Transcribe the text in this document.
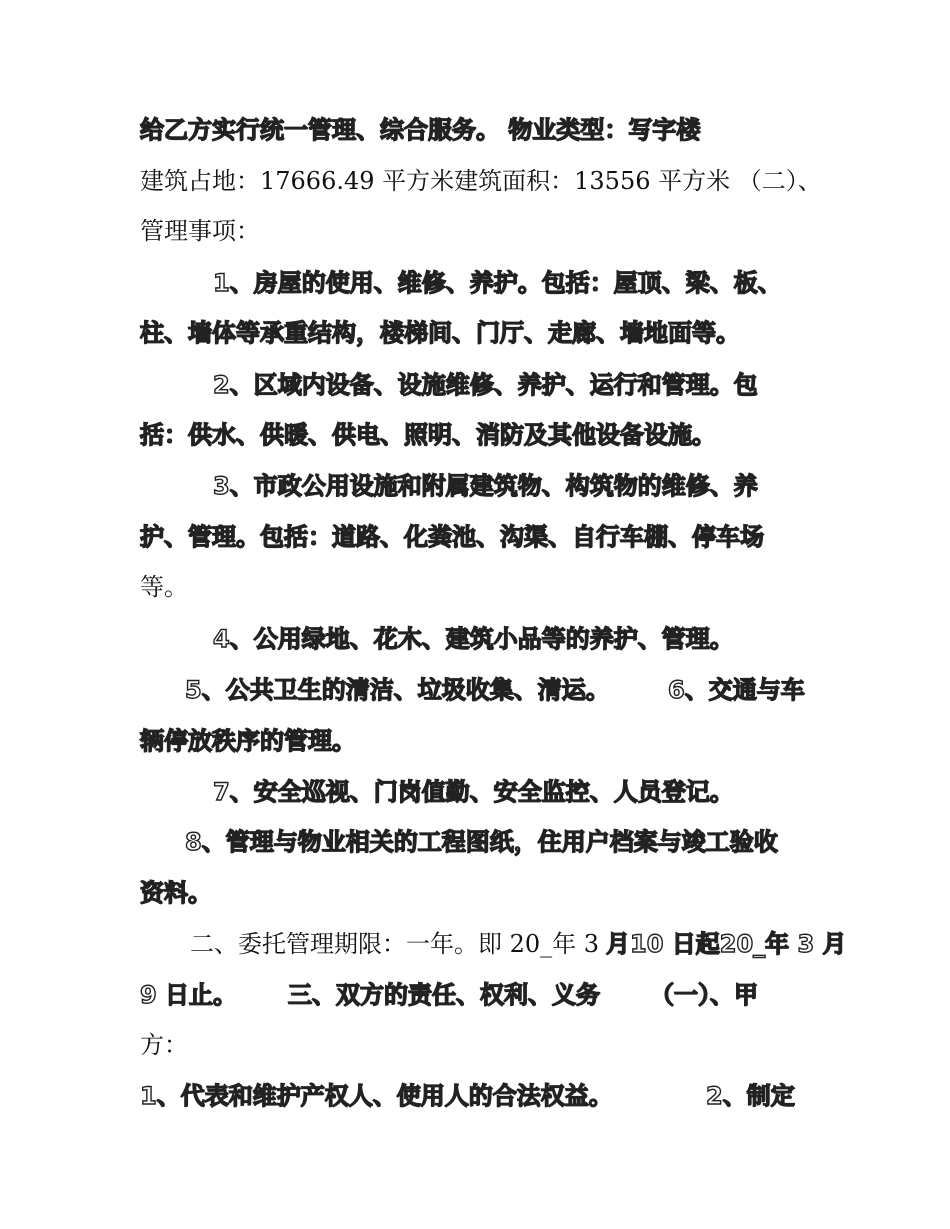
给乙方实行统一管理、综合服务。 物业类型：写字楼
建筑占地：17666.49 平方米建筑面积：13556 平方米 （二）、
管理事项：
1、房屋的使用、维修、养护。包括：屋顶、梁、板、
柱、墙体等承重结构，楼梯间、门厅、走廊、墙地面等。
2、区域内设备、设施维修、养护、运行和管理。包
括：供水、供暖、供电、照明、消防及其他设备设施。
3、市政公用设施和附属建筑物、构筑物的维修、养
护、管理。包括：道路、化粪池、沟渠、自行车棚、停车场
等。
4、公用绿地、花木、建筑小品等的养护、管理。
5、公共卫生的清洁、垃圾收集、清运。 6、交通与车
辆停放秩序的管理。
7、安全巡视、门岗值勤、安全监控、人员登记。
8、管理与物业相关的工程图纸，住用户档案与竣工验收
资料。
二、委托管理期限：一年。即 20_年 3 月10 日起20_年 3 月
9 日止。 三、双方的责任、权利、义务 （一）、甲
方：
1、代表和维护产权人、使用人的合法权益。	2、制定
